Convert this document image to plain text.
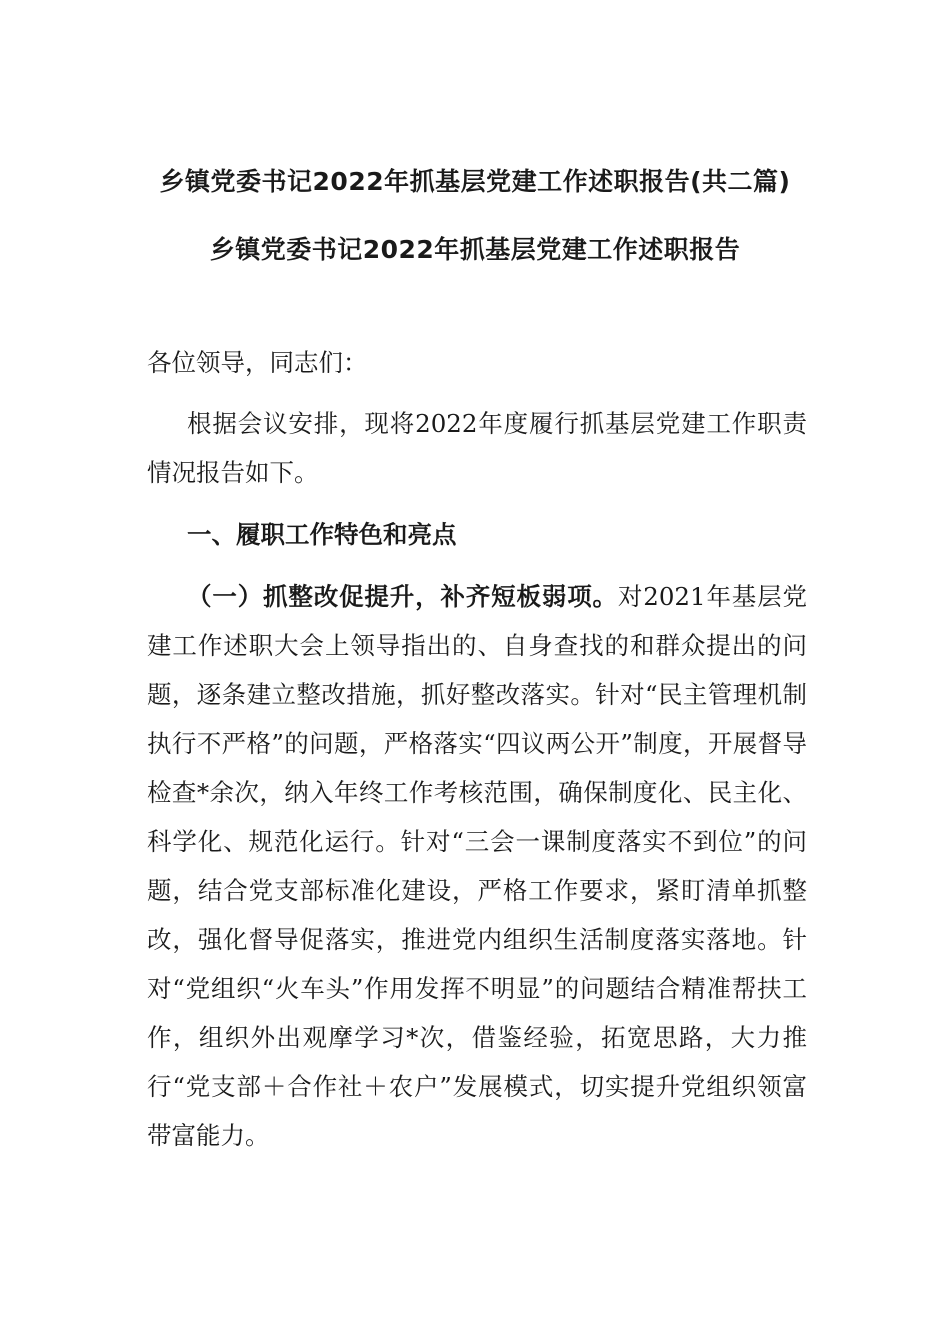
乡镇党委书记2022年抓基层党建工作述职报告(共二篇)
乡镇党委书记2022年抓基层党建工作述职报告
各位领导，同志们：
根据会议安排，现将2022年度履行抓基层党建工作职责情况报告如下。
一、履职工作特色和亮点
（一）抓整改促提升，补齐短板弱项。对2021年基层党建工作述职大会上领导指出的、自身查找的和群众提出的问题，逐条建立整改措施，抓好整改落实。针对“民主管理机制执行不严格”的问题，严格落实“四议两公开”制度，开展督导检查*余次，纳入年终工作考核范围，确保制度化、民主化、科学化、规范化运行。针对“三会一课制度落实不到位”的问题，结合党支部标准化建设，严格工作要求，紧盯清单抓整改，强化督导促落实，推进党内组织生活制度落实落地。针对“党组织“火车头”作用发挥不明显”的问题结合精准帮扶工作，组织外出观摩学习*次，借鉴经验，拓宽思路，大力推行“党支部＋合作社＋农户”发展模式，切实提升党组织领富带富能力。
